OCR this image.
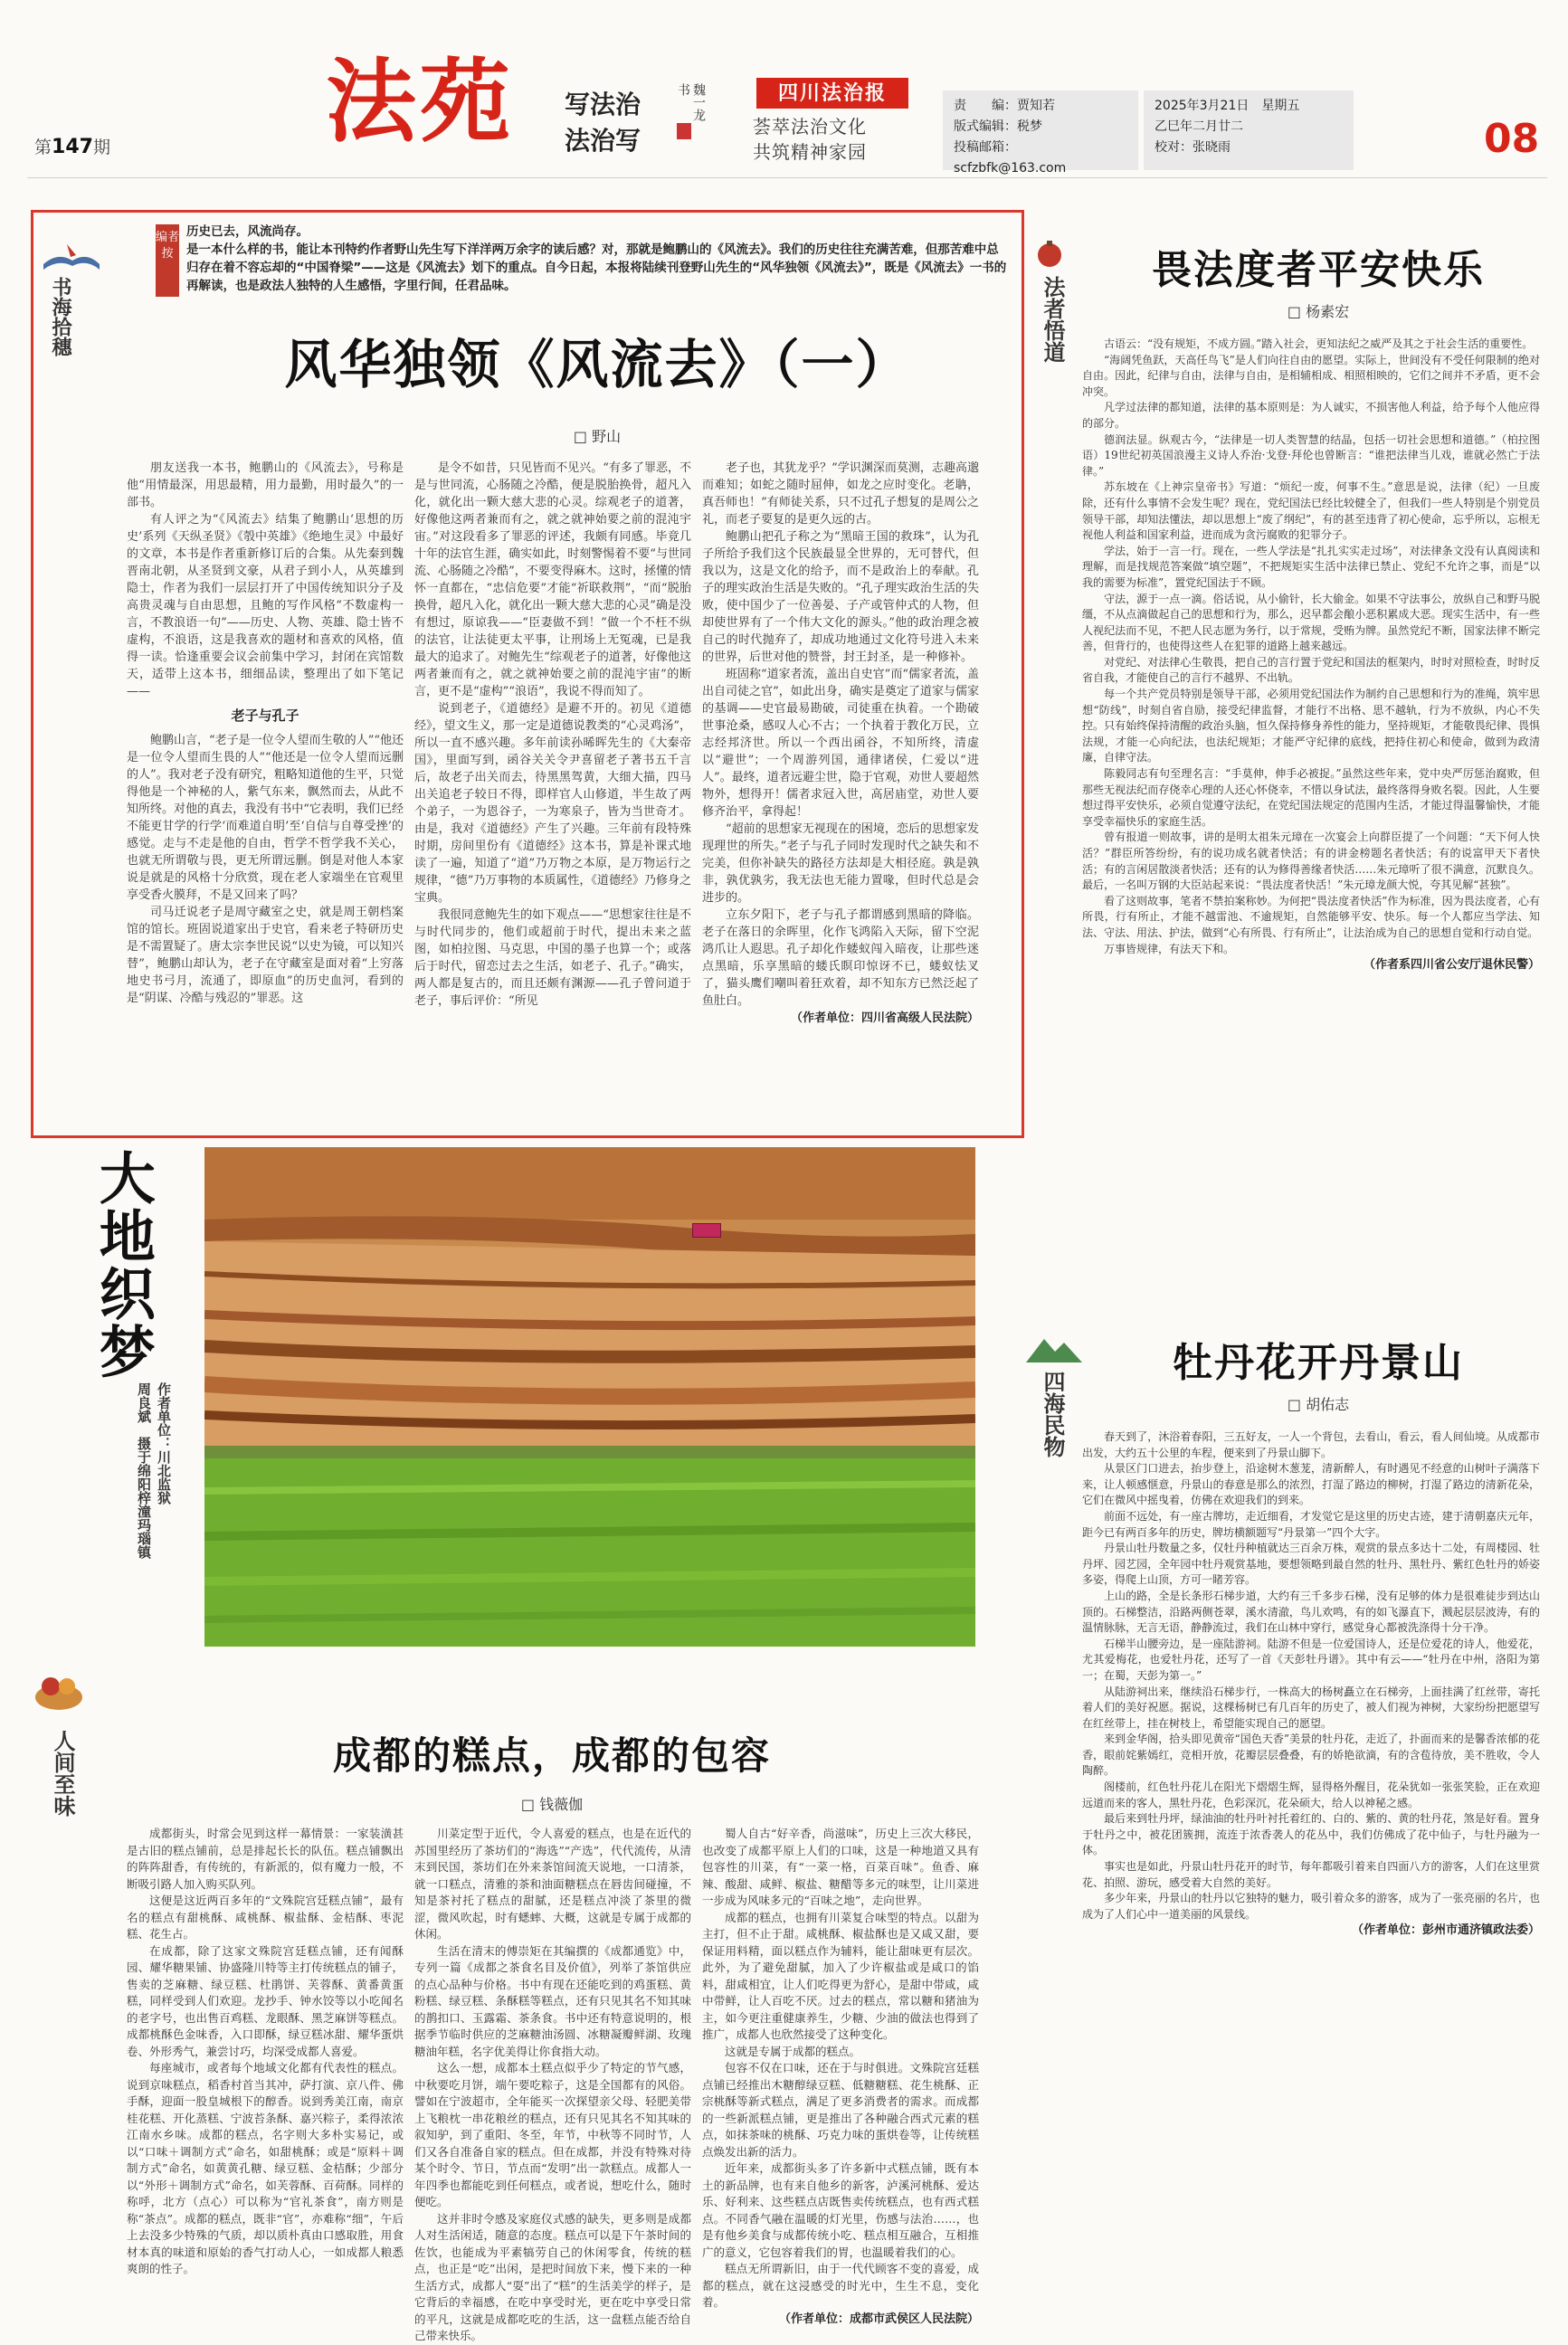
第147期 法苑 写法治
法治写
魏一龙书	四川法治报
荟萃法治文化
共筑精神家园
责　　编：贾知若
版式编辑：税梦
投稿邮箱：scfzbfk@163.com
2025年3月21日　星期五
乙巳年二月廿二
校对：张晓雨	08
书海拾穗
编者按

历史已去，风流尚存。

是一本什么样的书，能让本刊特约作者野山先生写下洋洋两万余字的读后感？对，那就是鲍鹏山的《风流去》。我们的历史往往充满苦难，但那苦难中总归存在着不容忘却的“中国脊梁”——这是《风流去》划下的重点。自今日起，本报将陆续刊登野山先生的“风华独领《风流去》”，既是《风流去》一书的再解读，也是政法人独特的人生感悟，字里行间，任君品味。

风华独领《风流去》（一）
□ 野山

朋友送我一本书，鲍鹏山的《风流去》，号称是他“用情最深，用思最精，用力最勤，用时最久”的一部书。

有人评之为“《风流去》结集了鲍鹏山‘思想的历史’系列《天纵圣贤》《彀中英雄》《绝地生灵》中最好的文章，本书是作者重新修订后的合集。从先秦到魏晋南北朝，从圣贤到文豪，从君子到小人，从英雄到隐士，作者为我们一层层打开了中国传统知识分子及高贵灵魂与自由思想，且鲍的写作风格“不数虚构一言，不教浪语一句”——历史、人物、英雄、隐士皆不虚构，不浪语，这是我喜欢的题材和喜欢的风格，值得一读。恰逢重要会议会前集中学习，封闭在宾馆数天，适带上这本书，细细品读，整理出了如下笔记——

老子与孔子

鲍鹏山言，“老子是一位令人望而生敬的人”“他还是一位令人望而生畏的人”“他还是一位令人望而远删的人”。我对老子没有研究，粗略知道他的生平，只觉得他是一个神秘的人，紫气东来，飘然而去，从此不知所终。对他的真去，我没有书中“它表明，我们已经不能更甘学的行学‘而难道自明’至‘自信与自尊受挫’的感觉。走与不走是他的自由，哲学不哲学我不关心，也就无所谓敬与畏，更无所谓远删。倒是对他人本家说是就是的风格十分欣赏，现在老人家端坐在官观里享受香火膜拜，不是又回来了吗？

司马迁说老子是周守藏室之史，就是周王朝档案馆的馆长。班固说道家出于史官，看来老子特研历史是不需置疑了。唐太宗李世民说“以史为镜，可以知兴替”，鲍鹏山却认为，老子在守藏室是面对着“上穷落地史书弓月，流通了，即原血”的历史血河，看到的是“阴谋、冷酷与残忍的”罪恶。这

是令不如昔，只见皆而不见兴。“有多了罪恶，不是与世同流，心肠随之冷酷，便是脱胎换骨，超凡入化，就化出一颗大慈大悲的心灵。综观老子的道著，好像他这两者兼而有之，就之就神始要之前的混沌宇宙。”对这段看多了罪恶的评述，我颇有同感。毕竟几十年的法官生涯，确实如此，时刻警惕着不要“与世同流、心肠随之冷酷”，不要变得麻木。这时，拯懂的情怀一直都在，“忠信危要”才能“祈联救荆”，“而“脱胎换骨，超凡入化，就化出一颗大慈大悲的心灵”确是没有想过，原谅我——“臣妻做不到！”做一个不枉不纵的法官，让法徒更太平事，让刑场上无冤魂，已是我最大的追求了。对鲍先生“综观老子的道著，好像他这两者兼而有之，就之就神始要之前的混沌宇宙”的断言，更不是“虚构”“浪语”，我说不得而知了。

说到老子，《道德经》是避不开的。初见《道德经》，望文生义，那一定是道德说教类的“心灵鸡汤”，所以一直不感兴趣。多年前读孙晞晖先生的《大秦帝国》，里面写到，函谷关关令尹喜留老子著书五千言后，故老子出关而去，待黑黑驾黄，大细大描，四马出关追老子较日不得，即样官人山修道，半生故了两个弟子，一为恩谷子，一为寒泉子，皆为当世奇才。由是，我对《道德经》产生了兴趣。三年前有段特殊时期，房间里份有《道德经》这本书，算是补课式地读了一遍，知道了“道”乃万物之本原，是万物运行之规律，“德”乃万事物的本质属性，《道德经》乃修身之宝典。

我很同意鲍先生的如下观点——“思想家往往是不与时代同步的，他们或超前于时代，提出未来之蓝图，如柏拉图、马克思，中国的墨子也算一个；或落后于时代，留恋过去之生活，如老子、孔子。”确实，两人都是复古的，而且还颇有渊源——孔子曾问道于老子，事后评价：“所见

老子也，其犹龙乎？”学识渊深而莫测，志趣高邈而难知；如蛇之随时屈伸，如龙之应时变化。老聃，真吾师也！”有师徒关系，只不过孔子想复的是周公之礼，而老子要复的是更久远的古。

鲍鹏山把孔子称之为“黑暗王国的救珠”，认为孔子所给予我们这个民族最显全世界的，无可替代，但我以为，这是文化的给予，而不是政治上的奉献。孔子的理实政治生活是失败的。“孔子理实政治生活的失败，使中国少了一位善晏、子产或管仲式的人物，但却使世界有了一个伟大文化的源头。”他的政治理念被自己的时代抛弃了，却成功地通过文化符号进入未来的世界，后世对他的赞誉，封王封圣，是一种修补。

班固称“道家者流，盖出自史官”而“儒家者流，盖出自司徒之官”，如此出身，确实是奠定了道家与儒家的基调——史官最易勘破，司徒重在执着。一个勘破世事沧桑，感叹人心不古；一个执着于教化万民，立志经邦济世。所以一个西出函谷，不知所终，清虚以“避世”；一个周游列国，通律诸侯，仁爱以“进人”。最终，道者远避尘世，隐于官观，劝世人要超然物外，想得开！儒者求冠入世，高居庙堂，劝世人要修齐治平，拿得起！

“超前的思想家无视现在的困境，恋后的思想家发现理世的所失。”老子与孔子同时发现时代之缺失和不完美，但你补缺失的路径方法却是大相径庭。孰是孰非，孰优孰劣，我无法也无能力置喙，但时代总是会进步的。

立东夕阳下，老子与孔子都谓感到黑暗的降临。老子在落日的余晖里，化作飞鸿陷入天际，留下空泥鸿爪让人遐思。孔子却化作蝼蚁闯入暗夜，让那些迷点黑暗，乐享黑暗的蝼氏瞑印惊讶不已，蝼蚁怯叉了，猫头鹰们嘲叫着狂欢着，却不知东方已然泛起了鱼肚白。

（作者单位：四川省高级人民法院）
大地织梦
作者单位：川北监狱
周良斌　摄于绵阳梓潼玛瑙镇
人间至味	成都的糕点，成都的包容
□ 钱薇伽

成都街头，时常会见到这样一幕情景：一家装潢甚是古旧的糕点铺前，总是排起长长的队伍。糕点铺飘出的阵阵甜香，有传统的，有新派的，似有魔力一般，不断吸引路人加入购买队列。

这便是这近两百多年的“文殊院宫廷糕点铺”，最有名的糕点有甜桃酥、咸桃酥、椒盐酥、金桔酥、枣泥糕、花生占。

在成都，除了这家文殊院宫廷糕点铺，还有闻酥园、耀华糖果铺、协盛隆川特等主打传统糕点的铺子，售卖的芝麻糖、绿豆糕、杜鹃饼、芙蓉酥、黄番黄蛋糕，同样受到人们欢迎。龙抄手、钟水饺等以小吃闻名的老字号，也出售百鸡糕、龙眼酥、黑芝麻饼等糕点。成都桃酥色金味香，入口即酥，绿豆糕冰甜、耀华蛋烘卷、外形秀气，兼尝讨巧，均深受成都人喜爱。

每座城市，或者每个地域文化都有代表性的糕点。说到京味糕点，稻香村首当其冲，萨打演、京八件、佛手酥，迎面一股皇城根下的醇香。说到秀美江南，南京桂花糕、开化蒸糕、宁波苔条酥、嘉兴粽子，柔得浓浓江南水乡味。成都的糕点，名字则大多朴实易记，或以“口味＋调制方式”命名，如甜桃酥；或是“原料＋调制方式”命名，如黄黄孔糖、绿豆糕、金桔酥；少部分以“外形＋调制方式”命名，如芙蓉酥、百荷酥。同样的称呼，北方（点心）可以称为“官礼茶食”，南方则是称“茶点”。成都的糕点，既非“官”，亦难称“细”，午后上去没多少特殊的气质，却以质朴真由口感取胜，用食材本真的味道和原始的香气打动人心，一如成都人粮悉爽朗的性子。

川菜定型于近代，令人喜爱的糕点，也是在近代的苏国里经历了茶坊们的“海选”“产选”，代代流传，从清末到民国，茶坊们在外来茶馆间流天说地，一口清茶，就一口糕点，清雅的茶和油面糖糕点在唇齿间碰撞，不知是茶衬托了糕点的甜腻，还是糕点冲淡了茶里的微涩，微风吹起，时有蟋蟀、大概，这就是专属于成都的休闲。

生活在清末的傅崇矩在其编撰的《成都通览》中，专列一篇《成都之茶食名目及价值》，列举了茶馆供应的点心品种与价格。书中有现在还能吃到的鸡蛋糕、黄粉糕、绿豆糕、条酥糕等糕点，还有只见其名不知其味的鹊扣口、玉露霜、茶条食。书中还有特意说明的，根据季节临时供应的芝麻糖油汤圆、冰糖凝瓣鲜湖、玫瑰糖油年糕，名字优美得让你食指大动。

这么一想，成都本土糕点似乎少了特定的节气感，中秋要吃月饼，端午要吃粽子，这是全国都有的风俗。譬如在宁波超市，全年能买一次探望亲父母、轻肥美带上飞粮枕一串花粮丝的糕点，还有只见其名不知其味的叙知驴，到了重阳、冬至，年节，中秋等不同时节，人们又各自准备自家的糕点。但在成都，并没有特殊对待某个时令、节日，节点而“发明”出一款糕点。成都人一年四季也都能吃到任何糕点，或者说，想吃什么，随时便吃。

这并非时令感及家庭仪式感的缺失，更多则是成都人对生活闲适，随意的态度。糕点可以是下午茶时间的佐饮，也能成为平素犒劳自己的休闲零食，传统的糕点，也正是“吃”出闲，是把时间放下来，慢下来的一种生活方式，成都人“耍”出了“糕”的生活美学的样子，是它背后的幸福感，在吃中享受时光，更在吃中享受日常的平凡，这就是成都吃吃的生活，这一盘糕点能否给自己带来快乐。

蜀人自古“好辛香，尚滋味”，历史上三次大移民，也改变了成都平原上人们的口味，这是一种地道又具有包容性的川菜，有“一菜一格，百菜百味”。鱼香、麻辣、酸甜、咸鲜、椒盐、糖醋等多元的味型，让川菜进一步成为风味多元的“百味之地”，走向世界。

成都的糕点，也拥有川菜复合味型的特点。以甜为主打，但不止于甜。咸桃酥、椒盐酥也是又咸又甜，要保证用料精，面以糕点作为辅料，能让甜味更有层次。此外，为了避免甜腻，加入了少许椒盐或是咸口的馅料，甜咸相宜，让人们吃得更为舒心，是甜中带咸，咸中带鲜，让人百吃不厌。过去的糕点，常以糖和猪油为主，如今更注重健康养生，少糖、少油的做法也得到了推广，成都人也欣然接受了这种变化。

这就是专属于成都的糕点。

包容不仅在口味，还在于与时俱进。文殊院宫廷糕点铺已经推出木糖醇绿豆糕、低糖糖糕、花生桃酥、正宗桃酥等新式糕点，满足了更多消费者的需求。而成都的一些新派糕点铺，更是推出了各种融合西式元素的糕点，如抹茶味的桃酥、巧克力味的蛋烘卷等，让传统糕点焕发出新的活力。

近年来，成都街头多了许多新中式糕点铺，既有本土的新品牌，也有来自他乡的新客，泸溪河桃酥、爱达乐、好利来、这些糕点店既售卖传统糕点，也有西式糕点。不同香气融在温暖的灯光里，伤感与法治……，也是有他乡美食与成都传统小吃、糕点相互融合，互相推广的意义，它包容着我们的胃，也温暖着我们的心。

糕点无所谓新旧，由于一代代顾客不变的喜爱，成都的糕点，就在这浸感受的时光中，生生不息，变化着。

（作者单位：成都市武侯区人民法院）
法者悟道
畏法度者平安快乐
□ 杨素宏

古语云：“没有规矩，不成方圆。”踏入社会，更知法纪之威严及其之于社会生活的重要性。

“海阔凭鱼跃，天高任鸟飞”是人们向往自由的愿望。实际上，世间没有不受任何限制的绝对自由。因此，纪律与自由，法律与自由，是相辅相成、相照相映的，它们之间并不矛盾，更不会冲突。

凡学过法律的都知道，法律的基本原则是：为人诚实，不损害他人利益，给予每个人他应得的部分。

德润法显。纵观古今，“法律是一切人类智慧的结晶，包括一切社会思想和道德。”（柏拉图语）19世纪初英国浪漫主义诗人乔治·戈登·拜伦也曾断言：“谁把法律当儿戏，谁就必然亡于法律。”

苏东坡在《上神宗皇帝书》写道：“烦纪一废，何事不生。”意思是说，法律（纪）一旦废除，还有什么事情不会发生呢？现在，党纪国法已经比较健全了，但我们一些人特别是个别党员领导干部，却知法懂法，却以思想上“废了纲纪”，有的甚至违背了初心使命，忘乎所以，忘根无视他人利益和国家利益，进而成为贪污腐败的犯罪分子。

学法，始于一言一行。现在，一些人学法是“扎扎实实走过场”，对法律条文没有认真阅读和理解，而是找规范答案做“填空题”，不把规矩实生活中法律已禁止、党纪不允许之事，而是“以我的需要为标准”，置党纪国法于不顾。

守法，源于一点一滴。俗话说，从小偷针，长大偷金。如果不守法事公，放纵自己和野马脱缰，不从点滴做起自己的思想和行为，那么，迟早都会酿小恶积累成大恶。现实生活中，有一些人视纪法而不见，不把人民志愿为务行，以于常规，受贿为牌。虽然党纪不断，国家法律不断完善，但背行的，也使得这些人在犯罪的道路上越来越远。

对党纪、对法律心生敬畏，把自己的言行置于党纪和国法的框架内，时时对照检查，时时反省自我，才能使自己的言行不越界、不出轨。

每一个共产党员特别是领导干部，必须用党纪国法作为制约自己思想和行为的准绳，筑牢思想“防线”，时刻自省自励，接受纪律监督，才能行不出格、思不越轨，行为不放纵，内心不失控。只有始终保持清醒的政治头脑，恒久保持修身养性的能力，坚持规矩，才能敬畏纪律、畏惧法规，才能一心向纪法，也法纪规矩；才能严守纪律的底线，把持住初心和使命，做到为政清廉，自律守法。

陈毅同志有句至理名言：“手莫伸，伸手必被捉。”虽然这些年来，党中央严厉惩治腐败，但那些无视法纪而存侥幸心理的人还心怀侥幸，不惜以身试法，最终落得身败名裂。因此，人生要想过得平安快乐，必须自觉遵守法纪，在党纪国法规定的范围内生活，才能过得温馨愉快，才能享受幸福快乐的家庭生活。

曾有报道一则故事，讲的是明太祖朱元璋在一次宴会上向群臣提了一个问题：“天下何人快活？”群臣所答纷纷，有的说功成名就者快活；有的讲金榜题名者快活；有的说富甲天下者快活；有的言闲居散淡者快活；还有的认为修得善缘者快活……朱元璋听了很不满意，沉默良久。最后，一名叫万钢的大臣站起来说：“畏法度者快活！”朱元璋龙颜大悦，夸其见解“甚独”。

看了这则故事，笔者不禁拍案称妙。为何把“畏法度者快活”作为标准，因为畏法度者，心有所畏，行有所止，才能不越雷池、不逾规矩，自然能够平安、快乐。每一个人都应当学法、知法、守法、用法、护法，做到“心有所畏、行有所止”，让法治成为自己的思想自觉和行动自觉。

万事皆规律，有法天下和。

（作者系四川省公安厅退休民警）
四海民物
牡丹花开丹景山
□ 胡佑志

春天到了，沐浴着春阳，三五好友，一人一个背包，去看山，看云，看人间仙境。从成都市出发，大约五十公里的车程，便来到了丹景山脚下。

从景区门口进去，抬步登上，沿途树木葱茏，清新醉人，有时遇见不经意的山树叶子满落下来，让人顿感惬意，丹景山的春意是那么的浓烈，打湿了路边的柳树，打湿了路边的清新花朵，它们在微风中摇曳着，仿佛在欢迎我们的到来。

前面不远处，有一座古牌坊，走近细看，才发觉它是这里的历史古迹，建于清朝嘉庆元年，距今已有两百多年的历史，牌坊横额题写“丹景第一”四个大字。

丹景山牡丹数量之多，仅牡丹种植就达三百余万株，观赏的景点多达十二处，有周楼园、牡丹坪、园艺园，全年园中牡丹观赏基地，要想领略到最自然的牡丹、黑牡丹、紫红色牡丹的娇姿多姿，得爬上山顶，方可一睹芳容。

上山的路，全是长条形石梯步道，大约有三千多步石梯，没有足够的体力是很难徒步到达山顶的。石梯整洁，沿路两侧苍翠，溪水清澈，鸟儿欢鸣，有的如飞瀑直下，溅起层层波涛，有的温情脉脉，无言无语，静静流过，我们在山林中穿行，感觉身心都被洗涤得十分干净。

石梯半山腰旁边，是一座陆游祠。陆游不但是一位爱国诗人，还是位爱花的诗人，他爱花，尤其爱梅花，也爱牡丹花，还写了一首《天彭牡丹谱》。其中有云——“牡丹在中州，洛阳为第一；在蜀，天彭为第一。”

从陆游祠出来，继续沿石梯步行，一株高大的杨树矗立在石梯旁，上面挂满了红丝带，寄托着人们的美好祝愿。据说，这棵杨树已有几百年的历史了，被人们视为神树，大家纷纷把愿望写在红丝带上，挂在树枝上，希望能实现自己的愿望。

来到金华阁，拾头即见黄帝“国色天香”美景的牡丹花，走近了，扑面而来的是馨香浓郁的花香，眼前姹紫嫣红，竞相开放，花瓣层层叠叠，有的娇艳欲滴，有的含苞待放，美不胜收，令人陶醉。

阁楼前，红色牡丹花儿在阳光下熠熠生辉，显得格外醒目，花朵犹如一张张笑脸，正在欢迎远道而来的客人，黑牡丹花，色彩深沉，花朵硕大，给人以神秘之感。

最后来到牡丹坪，绿油油的牡丹叶衬托着红的、白的、紫的、黄的牡丹花，煞是好看。置身于牡丹之中，被花团簇拥，流连于浓香袭人的花丛中，我们仿佛成了花中仙子，与牡丹融为一体。

事实也是如此，丹景山牡丹花开的时节，每年都吸引着来自四面八方的游客，人们在这里赏花、拍照、游玩，感受着大自然的美好。

多少年来，丹景山的牡丹以它独特的魅力，吸引着众多的游客，成为了一张亮丽的名片，也成为了人们心中一道美丽的风景线。

（作者单位：彭州市通济镇政法委）
